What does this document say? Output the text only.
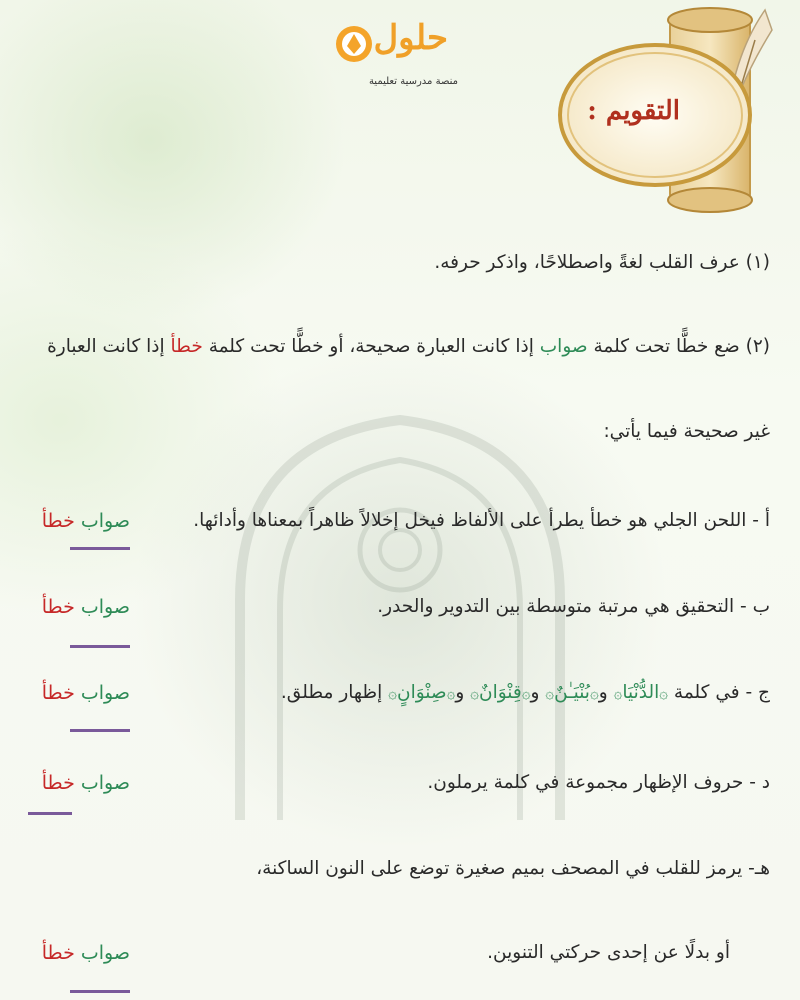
حلول
منصة مدرسية تعليمية
التقويم :
(١) عرف القلب لغةً واصطلاحًا، واذكر حرفه.
(٢) ضع خطًّا تحت كلمة صواب إذا كانت العبارة صحيحة، أو خطًّا تحت كلمة خطأ إذا كانت العبارة
غير صحيحة فيما يأتي:
أ - اللحن الجلي هو خطأ يطرأ على الألفاظ فيخل إخلالاً ظاهراً بمعناها وأدائها.
صواب خطأ
ب - التحقيق هي مرتبة متوسطة بين التدوير والحدر.
صواب خطأ
ج - في كلمة ۞الدُّنْيَا۞ و۞بُنْيَـٰنٌ۞ و۞قِنْوَانٌ۞ و۞صِنْوَانٍ۞ إظهار مطلق.
صواب خطأ
د - حروف الإظهار مجموعة في كلمة يرملون.
صواب خطأ
هـ- يرمز للقلب في المصحف بميم صغيرة توضع على النون الساكنة،
أو بدلًا عن إحدى حركتي التنوين.
صواب خطأ
